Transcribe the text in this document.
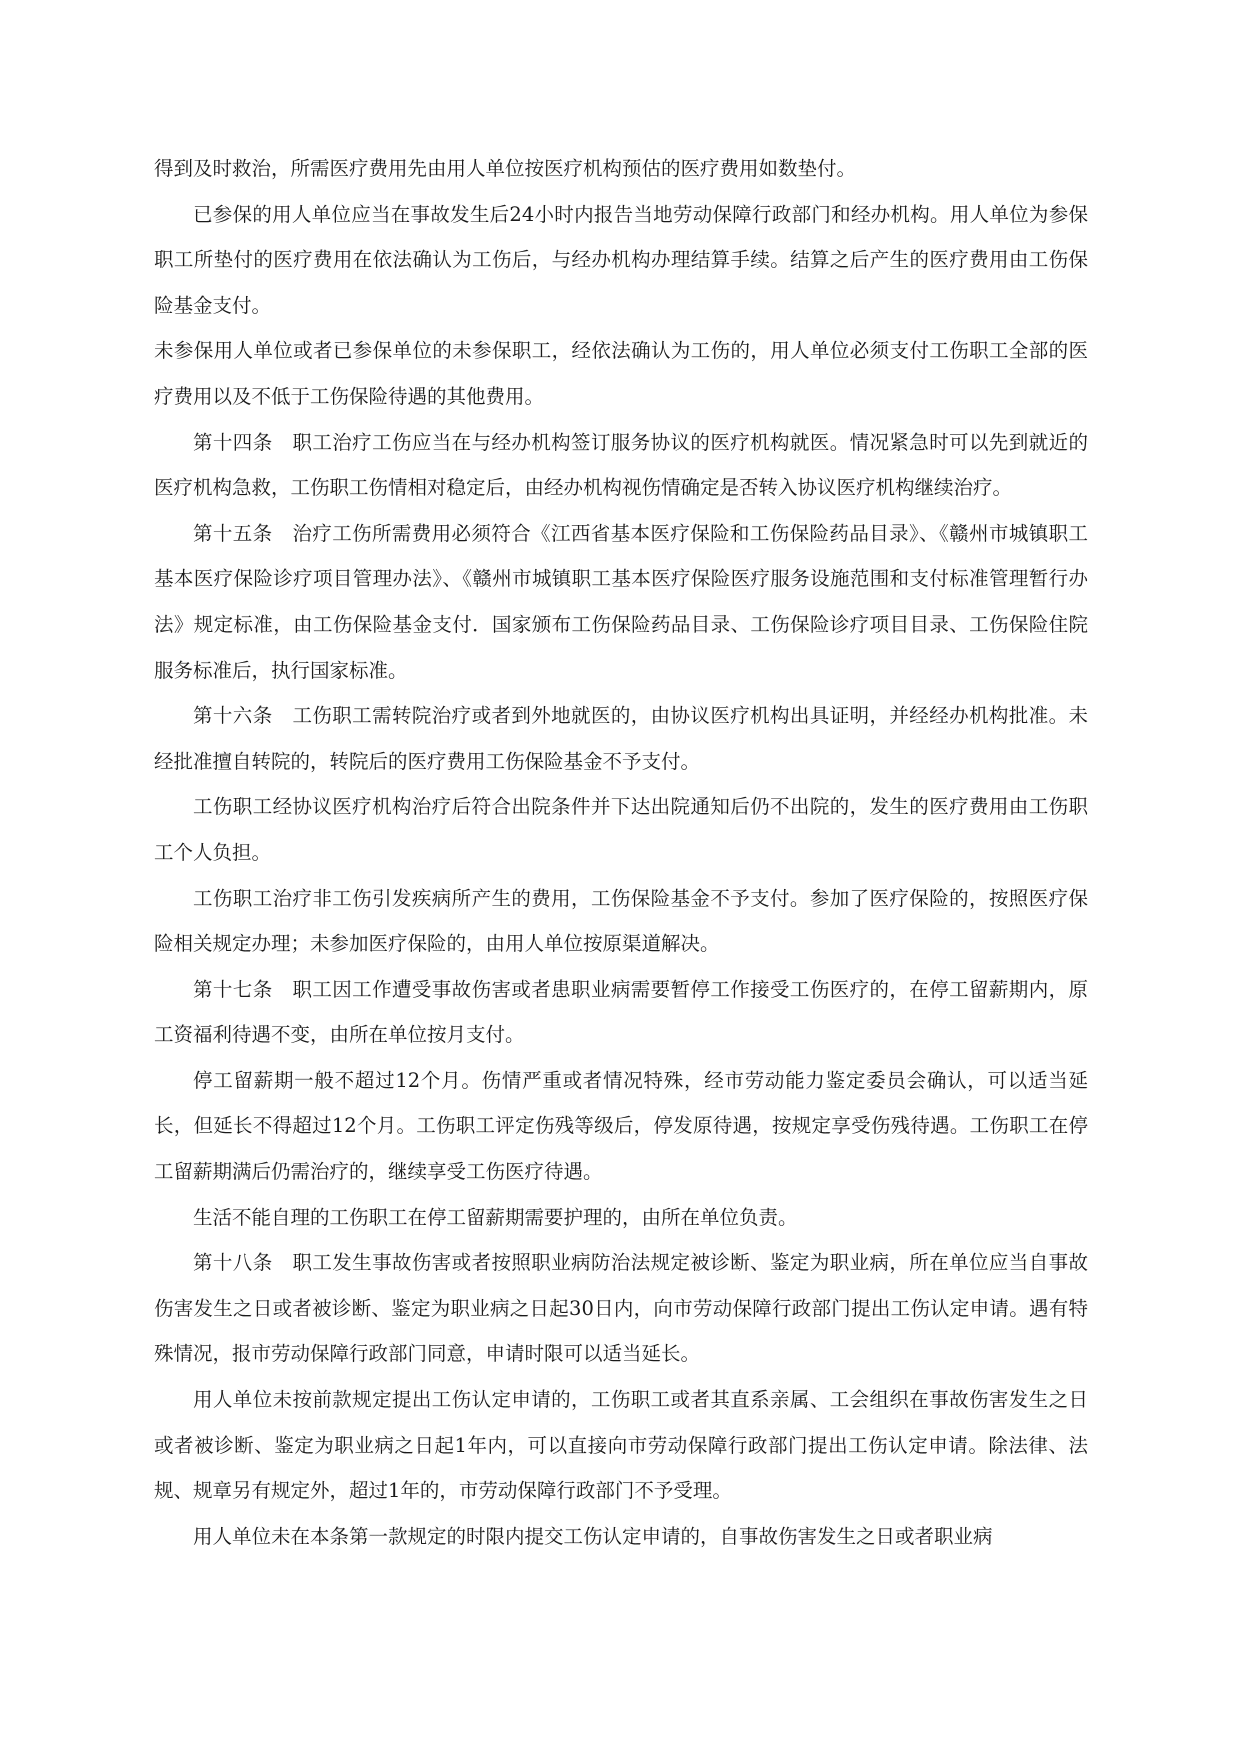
得到及时救治，所需医疗费用先由用人单位按医疗机构预估的医疗费用如数垫付。

已参保的用人单位应当在事故发生后24小时内报告当地劳动保障行政部门和经办机构。用人单位为参保职工所垫付的医疗费用在依法确认为工伤后，与经办机构办理结算手续。结算之后产生的医疗费用由工伤保险基金支付。

未参保用人单位或者已参保单位的未参保职工，经依法确认为工伤的，用人单位必须支付工伤职工全部的医疗费用以及不低于工伤保险待遇的其他费用。

第十四条　职工治疗工伤应当在与经办机构签订服务协议的医疗机构就医。情况紧急时可以先到就近的医疗机构急救，工伤职工伤情相对稳定后，由经办机构视伤情确定是否转入协议医疗机构继续治疗。

第十五条　治疗工伤所需费用必须符合《江西省基本医疗保险和工伤保险药品目录》、《赣州市城镇职工基本医疗保险诊疗项目管理办法》、《赣州市城镇职工基本医疗保险医疗服务设施范围和支付标准管理暂行办法》规定标准，由工伤保险基金支付．国家颁布工伤保险药品目录、工伤保险诊疗项目目录、工伤保险住院服务标准后，执行国家标准。

第十六条　工伤职工需转院治疗或者到外地就医的，由协议医疗机构出具证明，并经经办机构批准。未经批准擅自转院的，转院后的医疗费用工伤保险基金不予支付。

工伤职工经协议医疗机构治疗后符合出院条件并下达出院通知后仍不出院的，发生的医疗费用由工伤职工个人负担。

工伤职工治疗非工伤引发疾病所产生的费用，工伤保险基金不予支付。参加了医疗保险的，按照医疗保险相关规定办理；未参加医疗保险的，由用人单位按原渠道解决。

第十七条　职工因工作遭受事故伤害或者患职业病需要暂停工作接受工伤医疗的，在停工留薪期内，原工资福利待遇不变，由所在单位按月支付。

停工留薪期一般不超过12个月。伤情严重或者情况特殊，经市劳动能力鉴定委员会确认，可以适当延长，但延长不得超过12个月。工伤职工评定伤残等级后，停发原待遇，按规定享受伤残待遇。工伤职工在停工留薪期满后仍需治疗的，继续享受工伤医疗待遇。

生活不能自理的工伤职工在停工留薪期需要护理的，由所在单位负责。

第十八条　职工发生事故伤害或者按照职业病防治法规定被诊断、鉴定为职业病，所在单位应当自事故伤害发生之日或者被诊断、鉴定为职业病之日起30日内，向市劳动保障行政部门提出工伤认定申请。遇有特殊情况，报市劳动保障行政部门同意，申请时限可以适当延长。

用人单位未按前款规定提出工伤认定申请的，工伤职工或者其直系亲属、工会组织在事故伤害发生之日或者被诊断、鉴定为职业病之日起1年内，可以直接向市劳动保障行政部门提出工伤认定申请。除法律、法规、规章另有规定外，超过1年的，市劳动保障行政部门不予受理。

用人单位未在本条第一款规定的时限内提交工伤认定申请的，自事故伤害发生之日或者职业病
